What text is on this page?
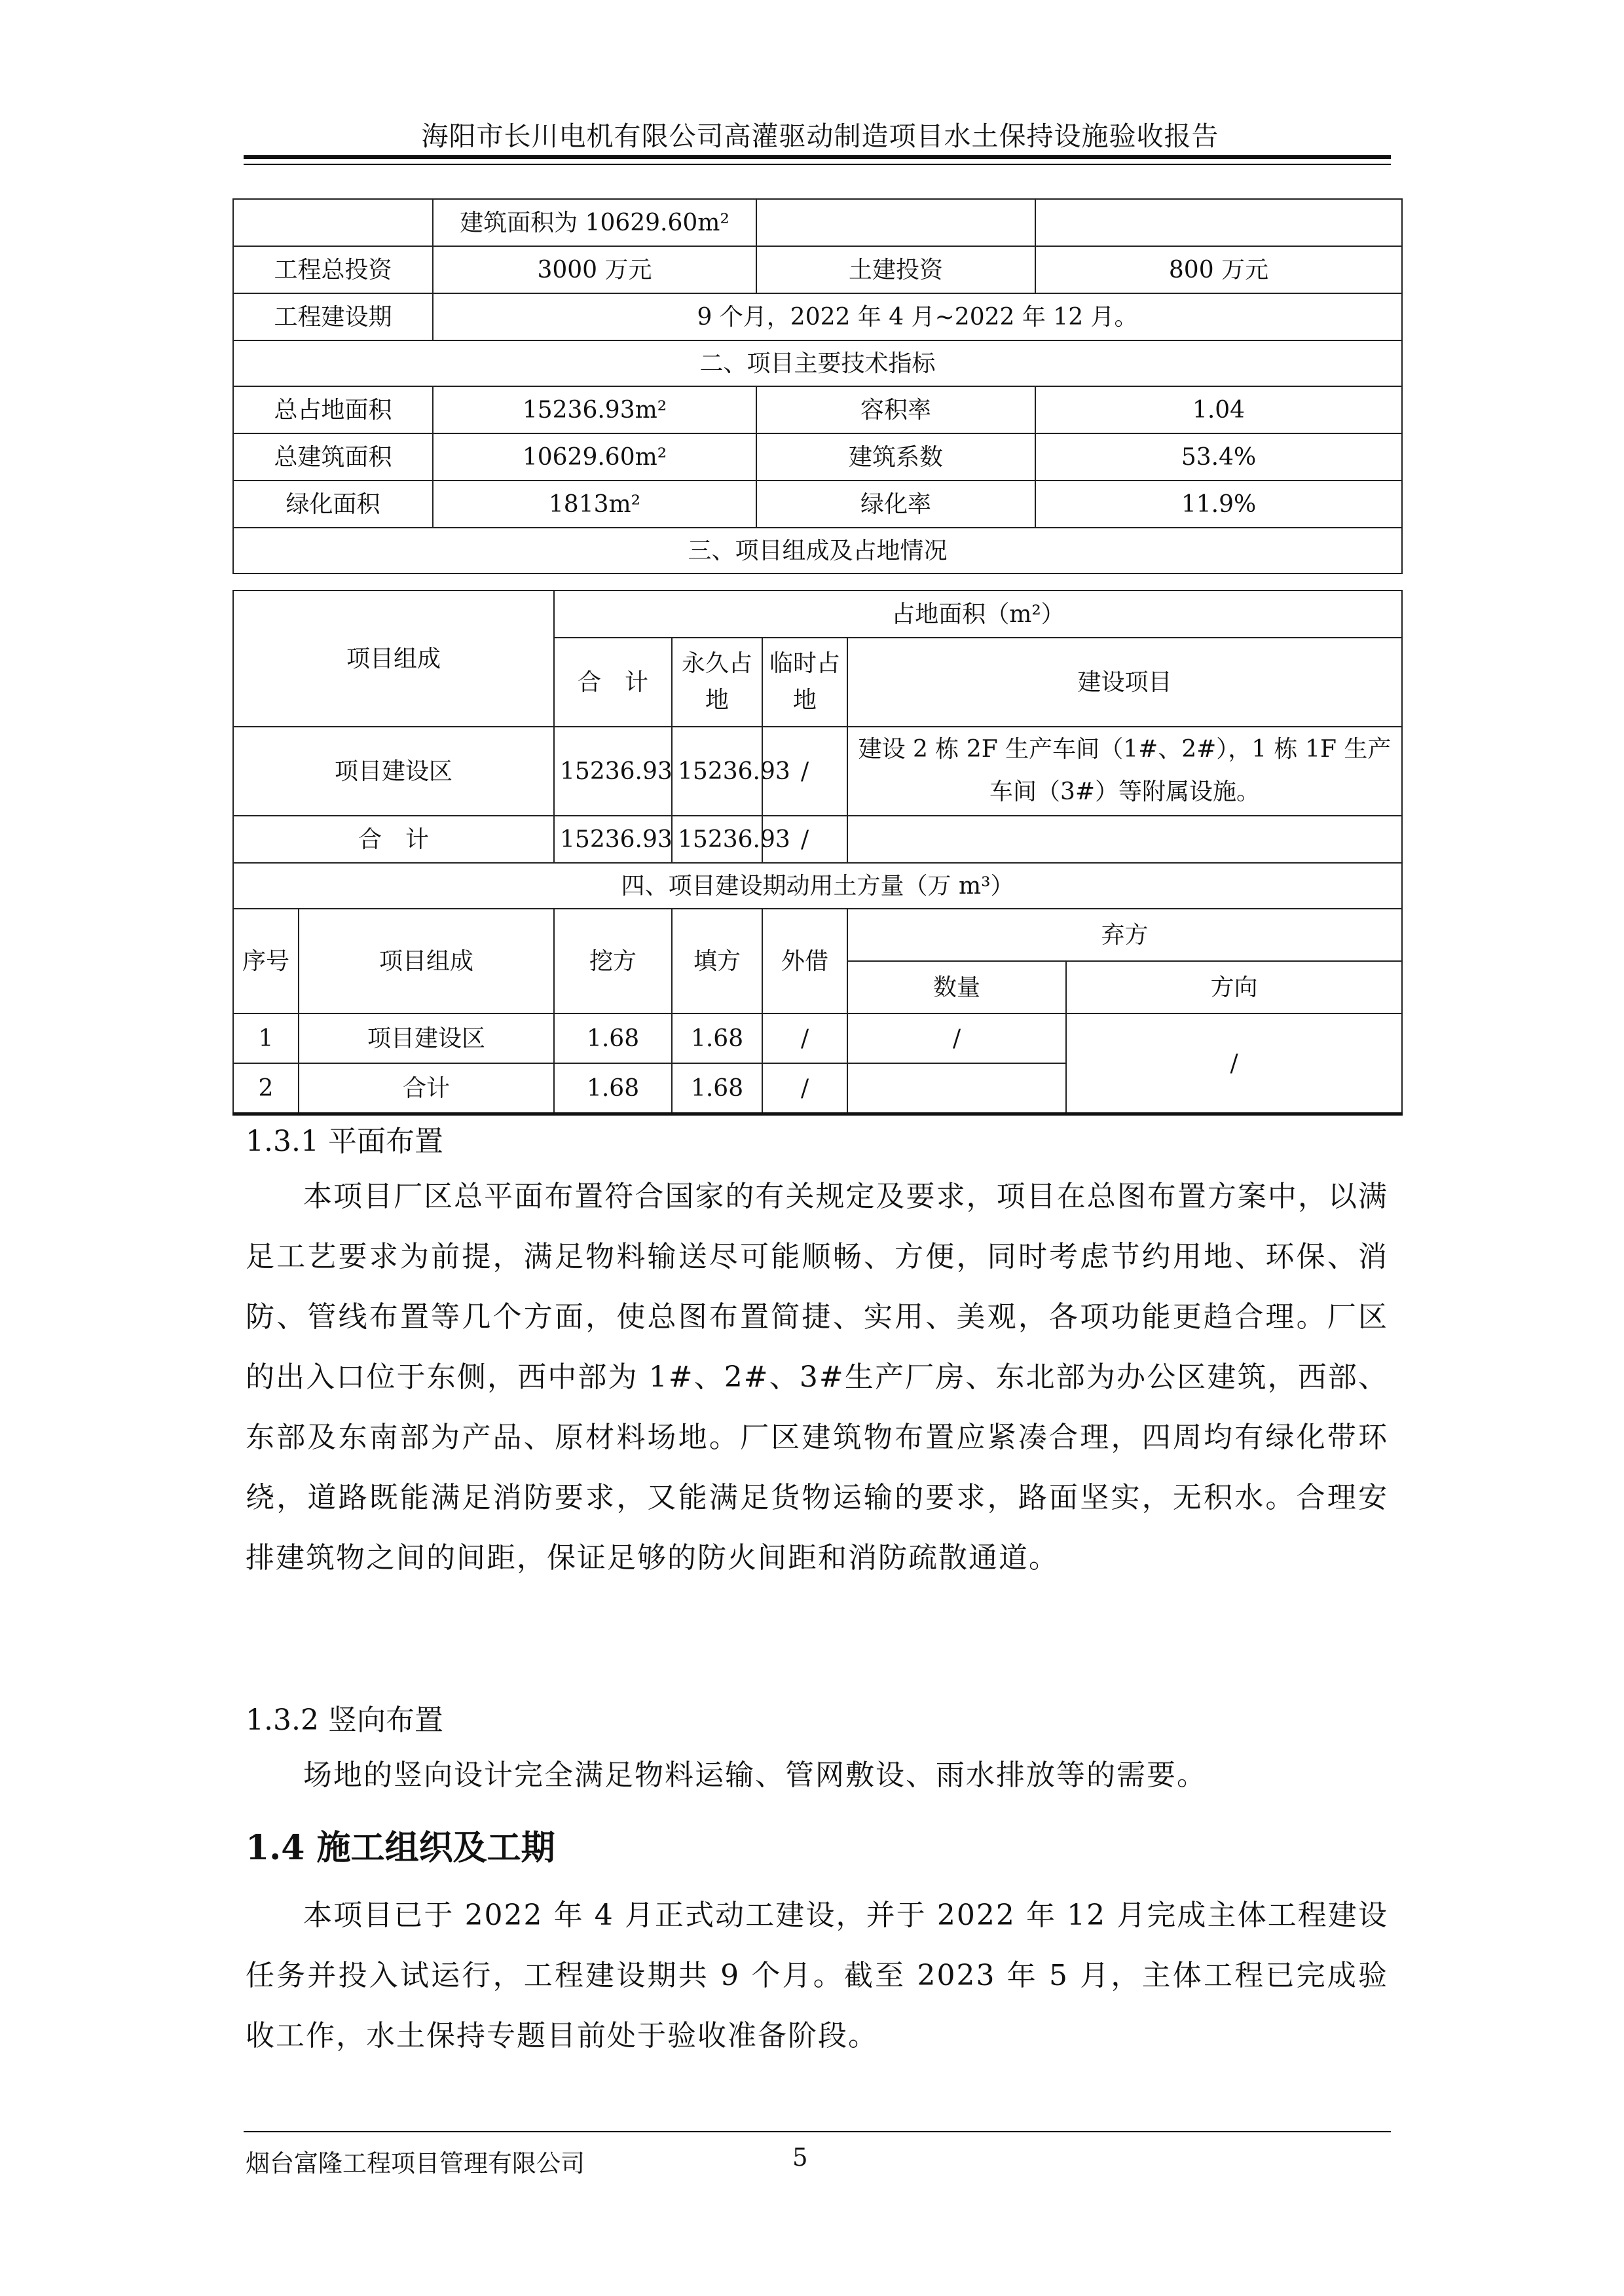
海阳市长川电机有限公司高灌驱动制造项目水土保持设施验收报告
	建筑面积为 10629.60m²		
工程总投资	3000 万元	土建投资	800 万元
工程建设期	9 个月，2022 年 4 月~2022 年 12 月。		
二、项目主要技术指标			
总占地面积	15236.93m²	容积率	1.04
总建筑面积	10629.60m²	建筑系数	53.4%
绿化面积	1813m²	绿化率	11.9%
三、项目组成及占地情况			
项目组成		占地面积（m²）				
		合　计	永久占地	临时占地	建设项目	
项目建设区		15236.93	15236.93	/	建设 2 栋 2F 生产车间（1#、2#），1 栋 1F 生产车间（3#）等附属设施。	
合　计		15236.93	15236.93	/		
四、项目建设期动用土方量（万 m³）						
序号	项目组成	挖方	填方	外借	弃方	
					数量	方向
1	项目建设区	1.68	1.68	/	/	/
2	合计	1.68	1.68	/		
1.3.1 平面布置

本项目厂区总平面布置符合国家的有关规定及要求，项目在总图布置方案中，以满足工艺要求为前提，满足物料输送尽可能顺畅、方便，同时考虑节约用地、环保、消防、管线布置等几个方面，使总图布置简捷、实用、美观，各项功能更趋合理。厂区的出入口位于东侧，西中部为 1#、2#、3#生产厂房、东北部为办公区建筑，西部、东部及东南部为产品、原材料场地。厂区建筑物布置应紧凑合理，四周均有绿化带环绕，道路既能满足消防要求，又能满足货物运输的要求，路面坚实，无积水。合理安排建筑物之间的间距，保证足够的防火间距和消防疏散通道。

1.3.2 竖向布置

场地的竖向设计完全满足物料运输、管网敷设、雨水排放等的需要。

1.4 施工组织及工期

本项目已于 2022 年 4 月正式动工建设，并于 2022 年 12 月完成主体工程建设任务并投入试运行，工程建设期共 9 个月。截至 2023 年 5 月，主体工程已完成验收工作，水土保持专题目前处于验收准备阶段。

烟台富隆工程项目管理有限公司	5
